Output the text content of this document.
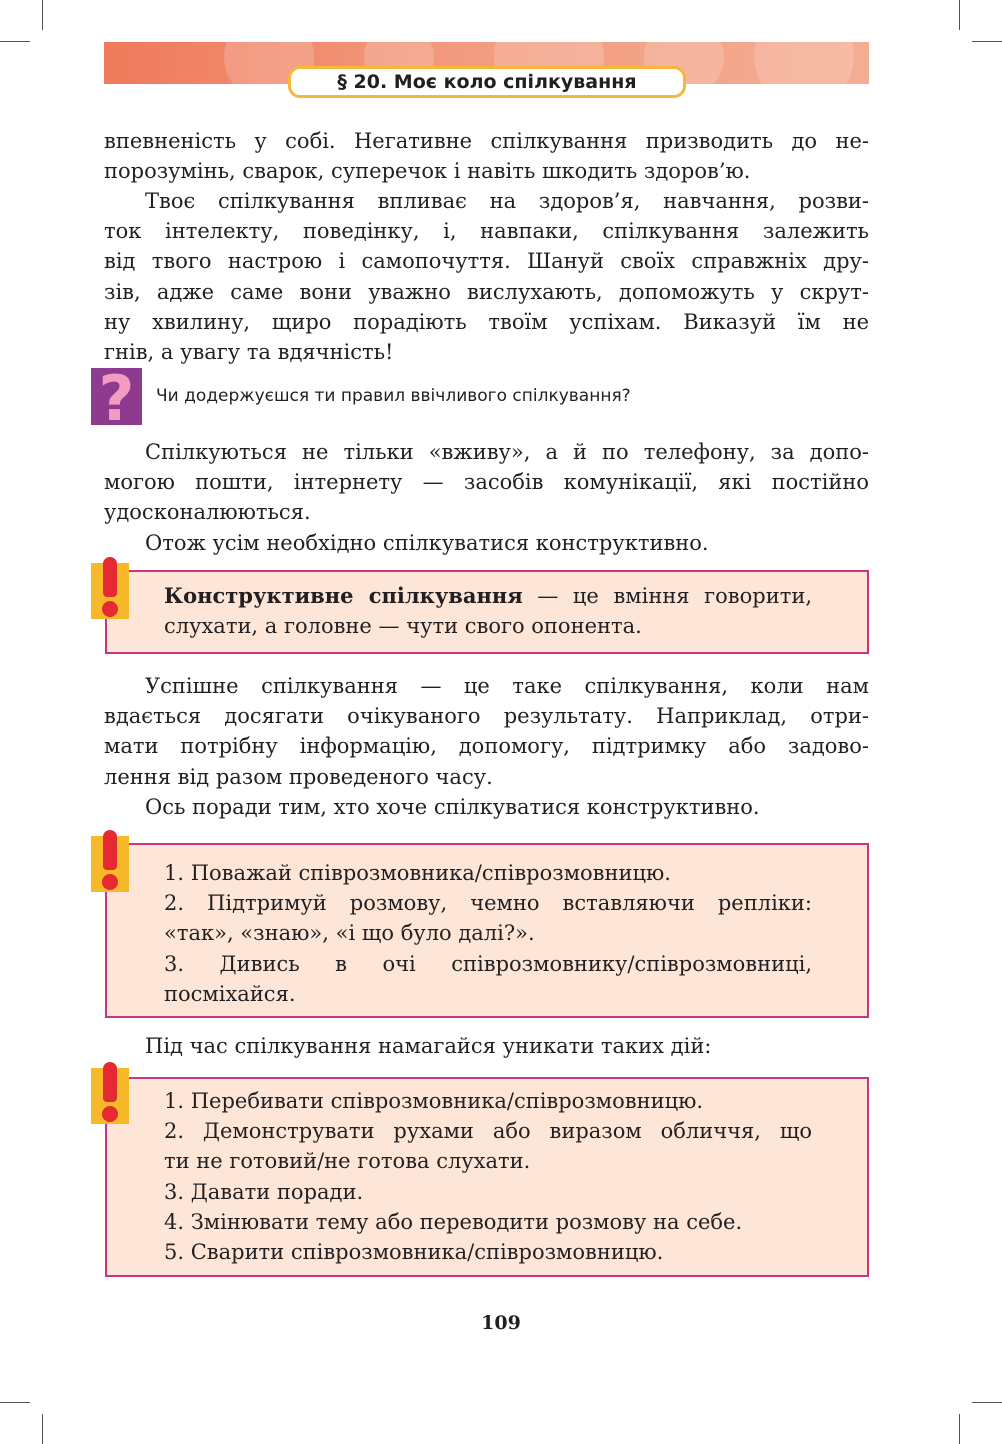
§ 20. Моє коло спілкування
впевненість у собі. Негативне спілкування призводить до не-
порозумінь, сварок, суперечок і навіть шкодить здоров’ю.
Твоє спілкування впливає на здоров’я, навчання, розви-
ток інтелекту, поведінку, і, навпаки, спілкування залежить
від твого настрою і самопочуття. Шануй своїх справжніх дру-
зів, адже саме вони уважно вислухають, допоможуть у скрут-
ну хвилину, щиро порадіють твоїм успіхам. Виказуй їм не
гнів, а увагу та вдячність!
?	Чи додержуєшся ти правил ввічливого спілкування?
Спілкуються не тільки «вживу», а й по телефону, за допо-
могою пошти, інтернету — засобів комунікації, які постійно
удосконалюються.
Отож усім необхідно спілкуватися конструктивно.
Конструктивне спілкування — це вміння говорити,
слухати, а головне — чути свого опонента.
Успішне спілкування — це таке спілкування, коли нам
вдається досягати очікуваного результату. Наприклад, отри-
мати потрібну інформацію, допомогу, підтримку або задово-
лення від разом проведеного часу.
Ось поради тим, хто хоче спілкуватися конструктивно.
1. Поважай співрозмовника/співрозмовницю.
2. Підтримуй розмову, чемно вставляючи репліки:
«так», «знаю», «і що було далі?».
3. Дивись в очі співрозмовнику/співрозмовниці,
посміхайся.
Під час спілкування намагайся уникати таких дій:
1. Перебивати співрозмовника/співрозмовницю.
2. Демонструвати рухами або виразом обличчя, що
ти не готовий/не готова слухати.
3. Давати поради.
4. Змінювати тему або переводити розмову на себе.
5. Сварити співрозмовника/співрозмовницю.
109
